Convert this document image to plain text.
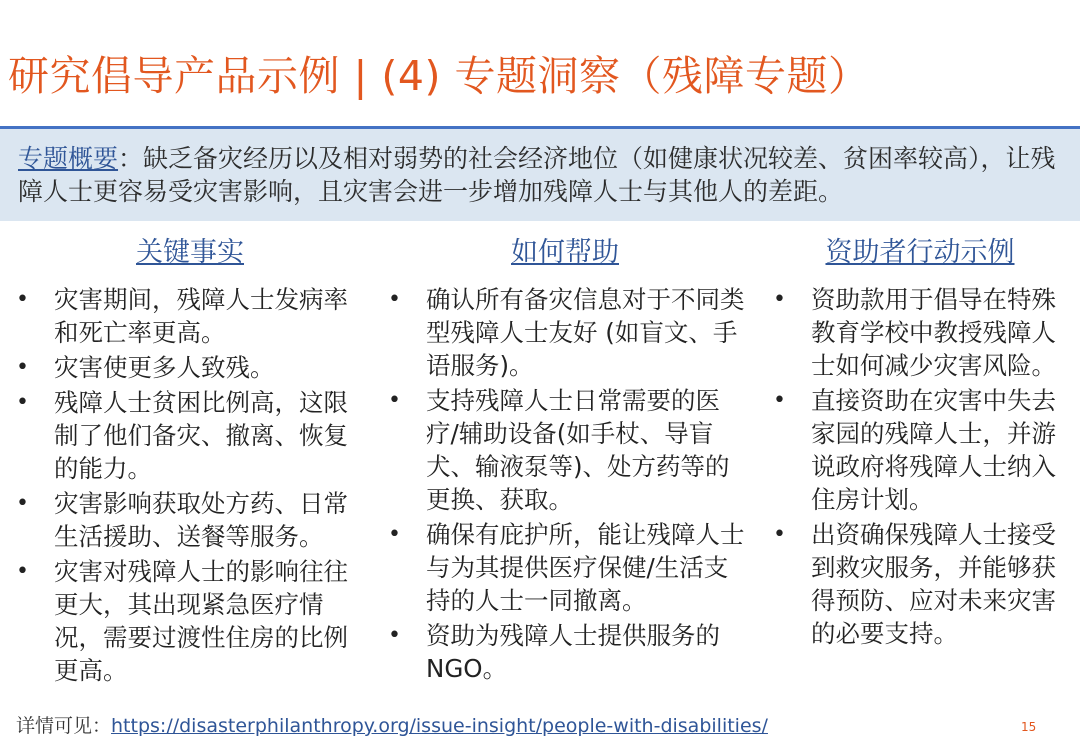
研究倡导产品示例 | (4) 专题洞察（残障专题）
专题概要：缺乏备灾经历以及相对弱势的社会经济地位（如健康状况较差、贫困率较高），让残障人士更容易受灾害影响，且灾害会进一步增加残障人士与其他人的差距。
关键事实
• 灾害期间，残障人士发病率和死亡率更高。
• 灾害使更多人致残。
• 残障人士贫困比例高，这限制了他们备灾、撤离、恢复的能力。
• 灾害影响获取处方药、日常生活援助、送餐等服务。
• 灾害对残障人士的影响往往更大，其出现紧急医疗情况，需要过渡性住房的比例更高。
如何帮助
• 确认所有备灾信息对于不同类型残障人士友好 (如盲文、手语服务)。
• 支持残障人士日常需要的医疗/辅助设备(如手杖、导盲犬、输液泵等)、处方药等的更换、获取。
• 确保有庇护所，能让残障人士与为其提供医疗保健/生活支持的人士一同撤离。
• 资助为残障人士提供服务的NGO。
资助者行动示例
• 资助款用于倡导在特殊教育学校中教授残障人士如何减少灾害风险。
• 直接资助在灾害中失去家园的残障人士，并游说政府将残障人士纳入住房计划。
• 出资确保残障人士接受到救灾服务，并能够获得预防、应对未来灾害的必要支持。
详情可见：https://disasterphilanthropy.org/issue-insight/people-with-disabilities/	15
